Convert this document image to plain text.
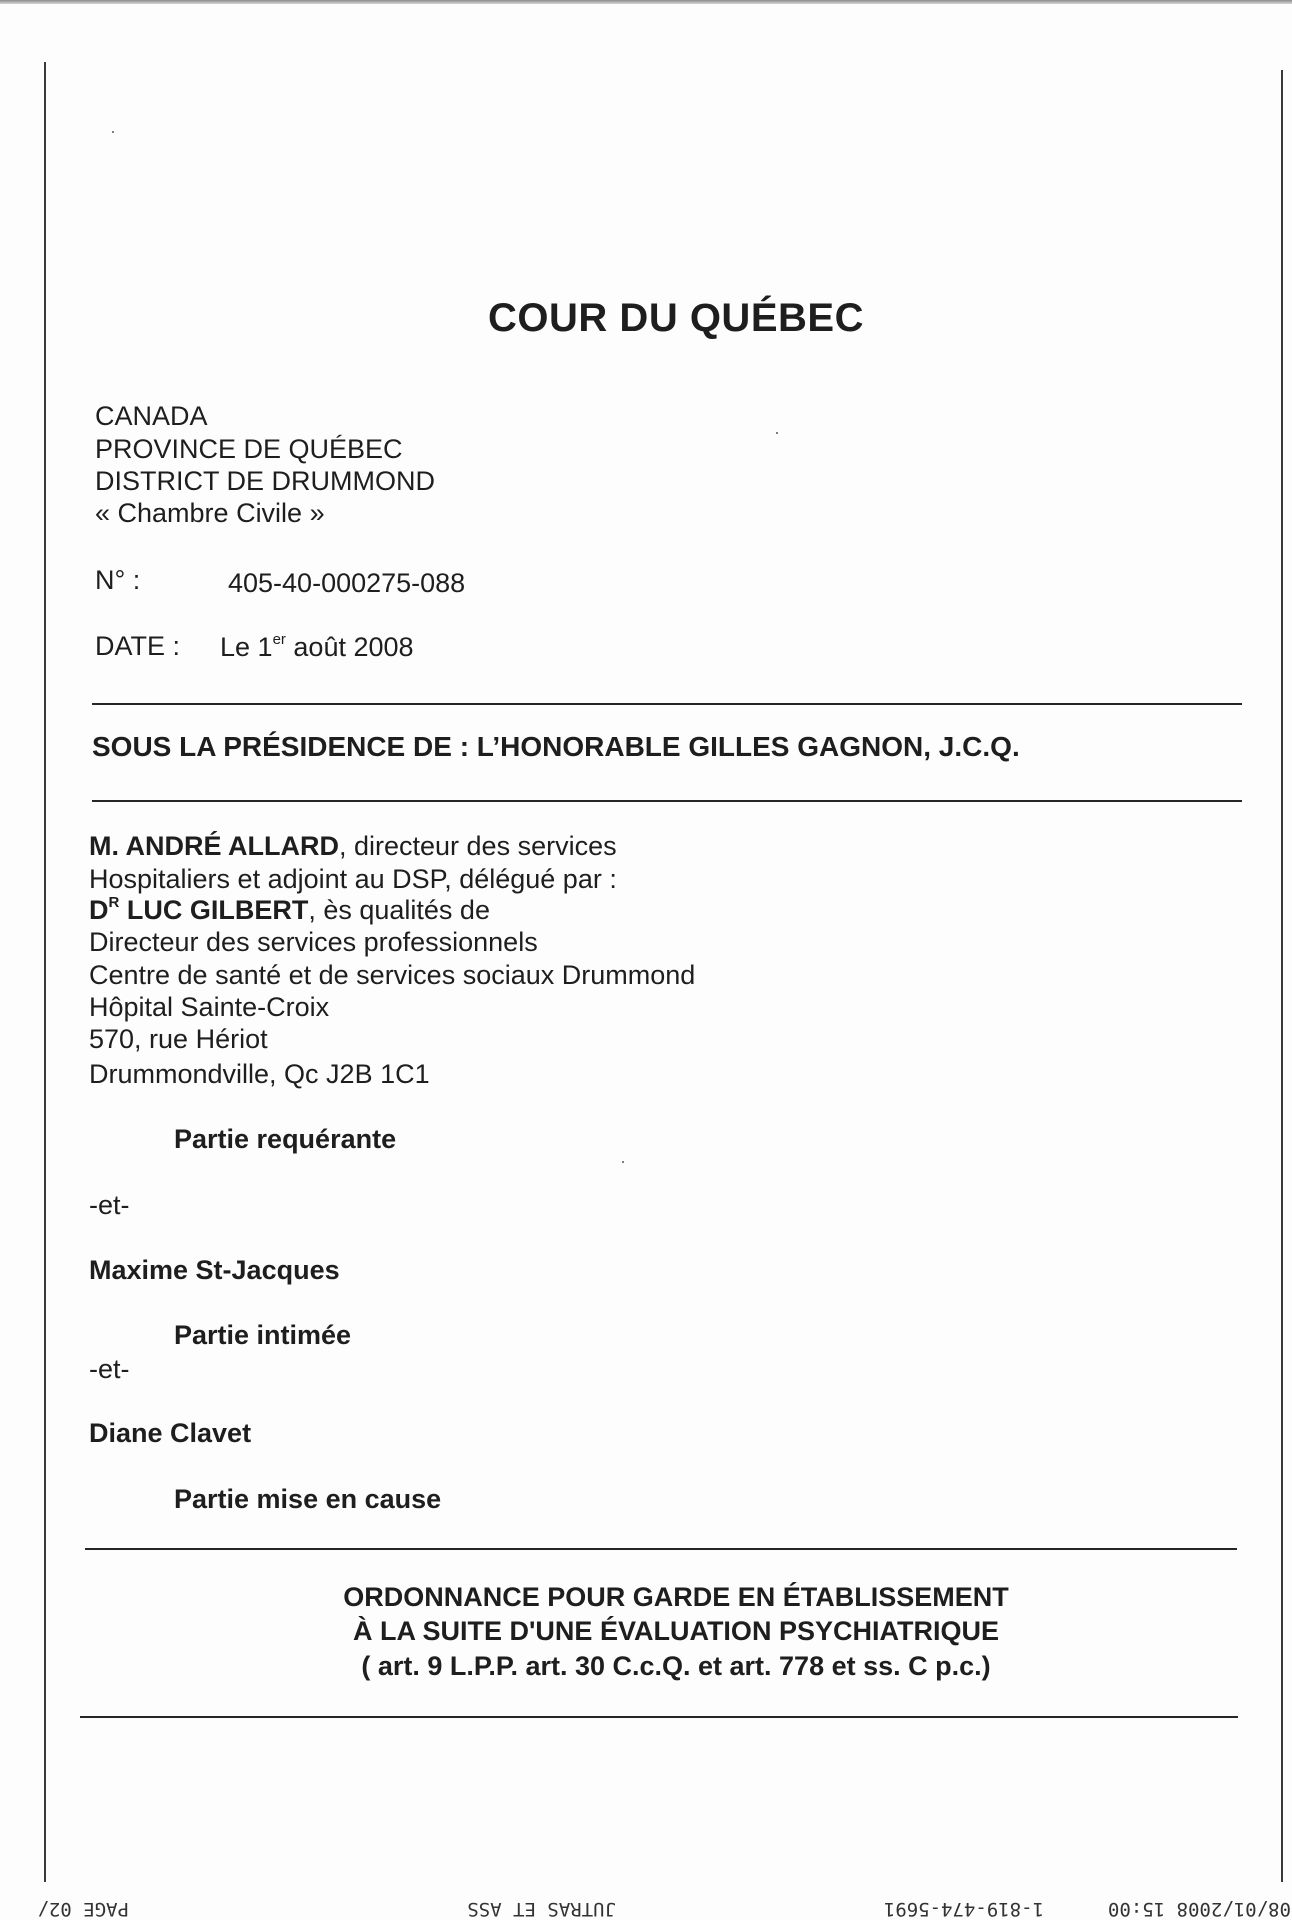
COUR DU QUÉBEC
CANADA
PROVINCE DE QUÉBEC
DISTRICT DE DRUMMOND
« Chambre Civile »
N° :	405-40-000275-088
DATE : Le 1er août 2008
SOUS LA PRÉSIDENCE DE : L’HONORABLE GILLES GAGNON, J.C.Q.
M. ANDRÉ ALLARD, directeur des services
Hospitaliers et adjoint au DSP, délégué par :
$D^R$ LUC GILBERT, ès qualités de
Directeur des services professionnels
Centre de santé et de services sociaux Drummond
Hôpital Sainte-Croix
570, rue Hériot
Drummondville, Qc J2B 1C1
Partie requérante
-et-
Maxime St-Jacques
Partie intimée
-et-
Diane Clavet
Partie mise en cause
ORDONNANCE POUR GARDE EN ÉTABLISSEMENT
À LA SUITE D'UNE ÉVALUATION PSYCHIATRIQUE
( art. 9 L.P.P. art. 30 C.c.Q. et art. 778 et ss. C p.c.)
08/01/2008 15:00
1-819-474-5691
JUTRAS ET ASS
PAGE 02/
